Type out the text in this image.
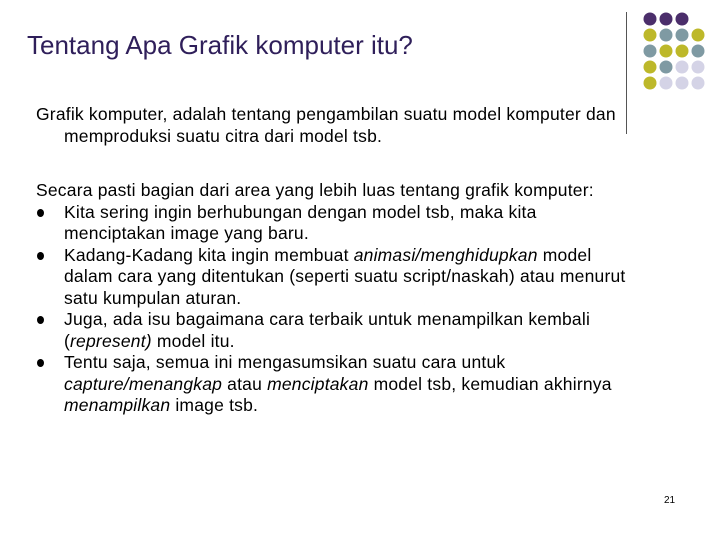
Tentang Apa Grafik komputer itu?

Grafik komputer, adalah tentang pengambilan suatu model komputer dan memproduksi suatu citra dari model tsb.

Secara pasti bagian dari area yang lebih luas tentang grafik komputer:

Kita sering ingin berhubungan dengan model tsb, maka kita menciptakan image yang baru.
Kadang-Kadang kita ingin membuat animasi/menghidupkan model dalam cara yang ditentukan (seperti suatu script/naskah) atau menurut satu kumpulan aturan.
Juga, ada isu bagaimana cara terbaik untuk menampilkan kembali (represent) model itu.
Tentu saja, semua ini mengasumsikan suatu cara untuk capture/menangkap atau menciptakan model tsb, kemudian akhirnya menampilkan image tsb.
21
